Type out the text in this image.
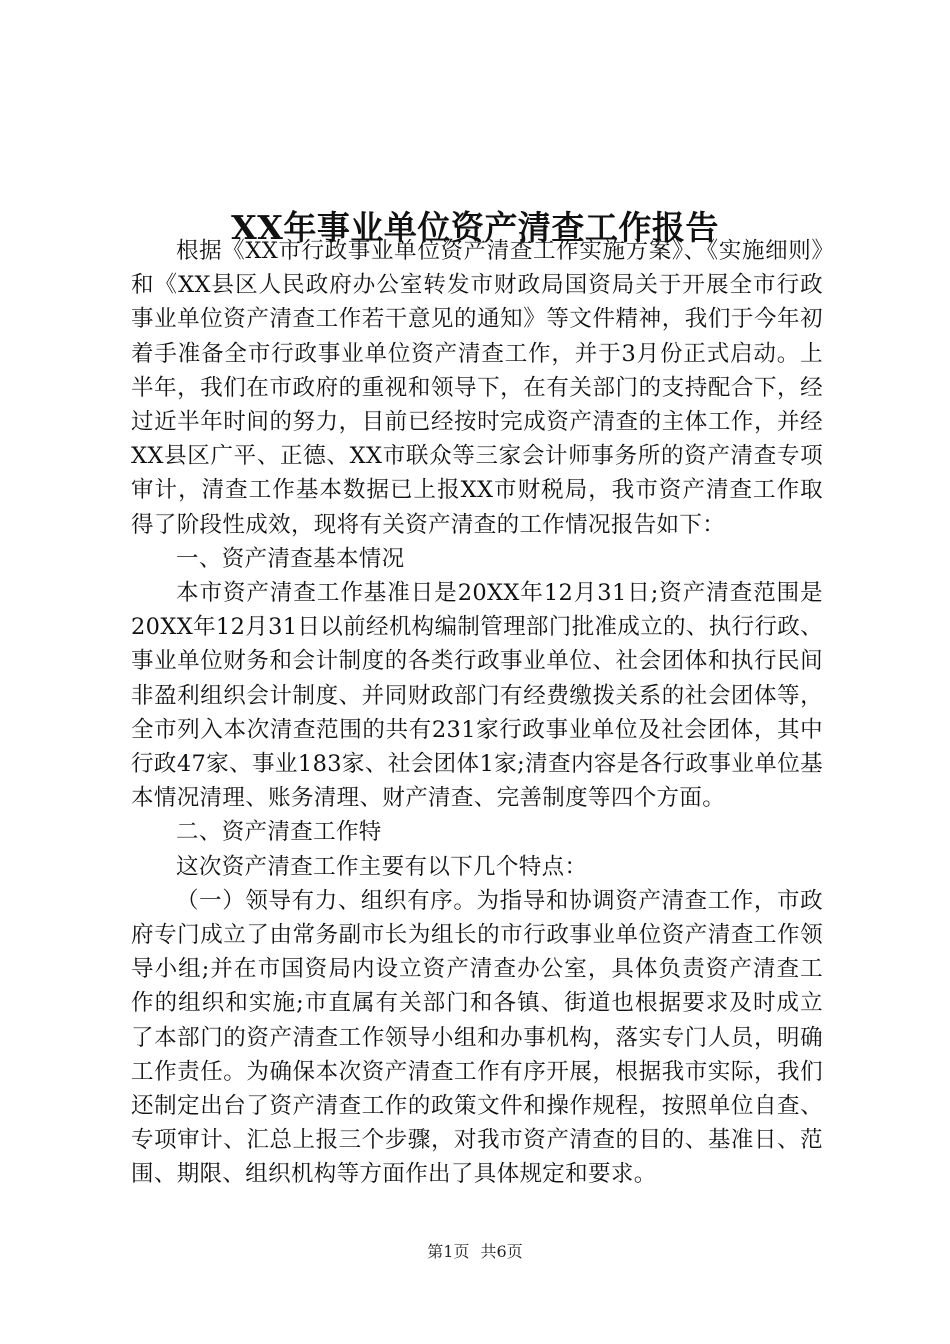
XX年事业单位资产清查工作报告

根据《XX市行政事业单位资产清查工作实施方案》、《实施细则》和《XX县区人民政府办公室转发市财政局国资局关于开展全市行政事业单位资产清查工作若干意见的通知》等文件精神，我们于今年初着手准备全市行政事业单位资产清查工作，并于3月份正式启动。上半年，我们在市政府的重视和领导下，在有关部门的支持配合下，经过近半年时间的努力，目前已经按时完成资产清查的主体工作，并经XX县区广平、正德、XX市联众等三家会计师事务所的资产清查专项审计，清查工作基本数据已上报XX市财税局，我市资产清查工作取得了阶段性成效，现将有关资产清查的工作情况报告如下：

一、资产清查基本情况

本市资产清查工作基准日是20XX年12月31日;资产清查范围是20XX年12月31日以前经机构编制管理部门批准成立的、执行行政、事业单位财务和会计制度的各类行政事业单位、社会团体和执行民间非盈利组织会计制度、并同财政部门有经费缴拨关系的社会团体等，全市列入本次清查范围的共有231家行政事业单位及社会团体，其中行政47家、事业183家、社会团体1家;清查内容是各行政事业单位基本情况清理、账务清理、财产清查、完善制度等四个方面。

二、资产清查工作特

这次资产清查工作主要有以下几个特点：

（一）领导有力、组织有序。为指导和协调资产清查工作，市政府专门成立了由常务副市长为组长的市行政事业单位资产清查工作领导小组;并在市国资局内设立资产清查办公室，具体负责资产清查工作的组织和实施;市直属有关部门和各镇、街道也根据要求及时成立了本部门的资产清查工作领导小组和办事机构，落实专门人员，明确工作责任。为确保本次资产清查工作有序开展，根据我市实际，我们还制定出台了资产清查工作的政策文件和操作规程，按照单位自查、专项审计、汇总上报三个步骤，对我市资产清查的目的、基准日、范围、期限、组织机构等方面作出了具体规定和要求。

第1页 共6页
